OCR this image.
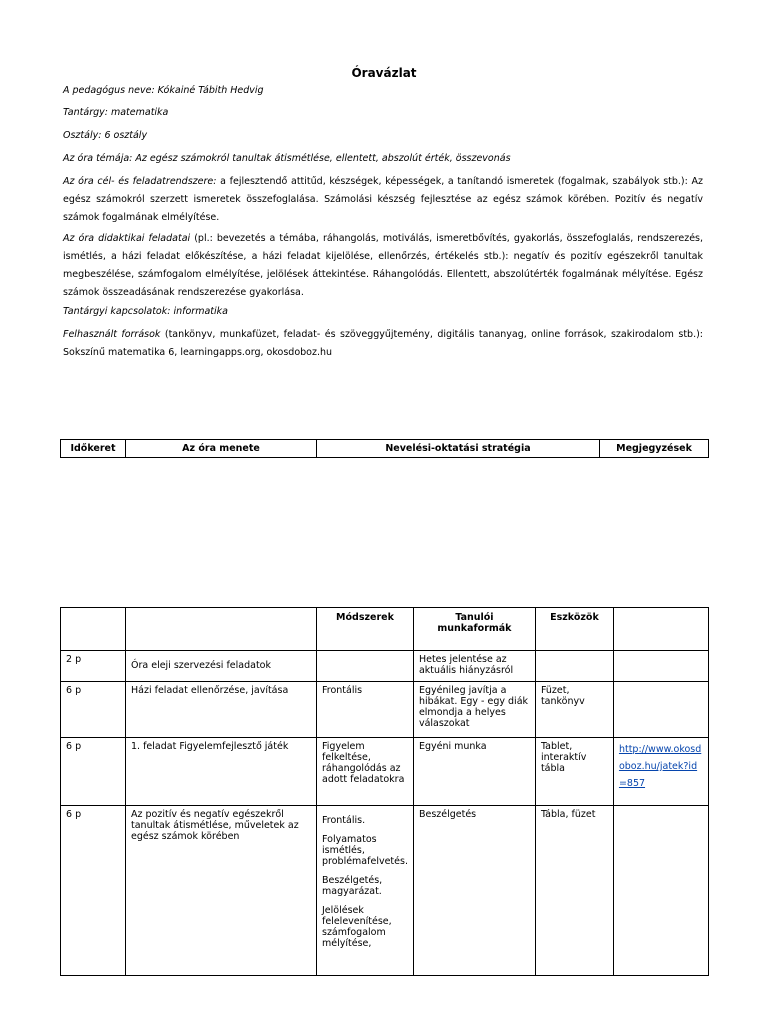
Óravázlat
A pedagógus neve: Kókainé Tábith Hedvig
Tantárgy: matematika
Osztály: 6 osztály
Az óra témája: Az egész számokról tanultak átismétlése, ellentett, abszolút érték, összevonás
Az óra cél- és feladatrendszere: a fejlesztendő attitűd, készségek, képességek, a tanítandó ismeretek (fogalmak, szabályok stb.): Az egész számokról szerzett ismeretek összefoglalása. Számolási készség fejlesztése az egész számok körében. Pozitív és negatív számok fogalmának elmélyítése.
Az óra didaktikai feladatai (pl.: bevezetés a témába, ráhangolás, motiválás, ismeretbővítés, gyakorlás, összefoglalás, rendszerezés, ismétlés, a házi feladat előkészítése, a házi feladat kijelölése, ellenőrzés, értékelés stb.): negatív és pozitív egészekről tanultak megbeszélése, számfogalom elmélyítése, jelölések áttekintése. Ráhangolódás. Ellentett, abszolútérték fogalmának mélyítése. Egész számok összeadásának rendszerezése gyakorlása.
Tantárgyi kapcsolatok: informatika
Felhasznált források (tankönyv, munkafüzet, feladat- és szöveggyűjtemény, digitális tananyag, online források, szakirodalom stb.): Sokszínű matematika 6, learningapps.org, okosdoboz.hu
Időkeret	Az óra menete	Nevelési-oktatási stratégia	Megjegyzések
		Módszerek	Tanulói munkaformák	Eszközök	
2 p	Óra eleji szervezési feladatok		Hetes jelentése az aktuális hiányzásról		
6 p	Házi feladat ellenőrzése, javítása	Frontális	Egyénileg javítja a hibákat. Egy - egy diák elmondja a helyes válaszokat	Füzet, tankönyv	
6 p	1. feladat Figyelemfejlesztő játék	Figyelem felkeltése, ráhangolódás az adott feladatokra	Egyéni munka	Tablet, interaktív tábla	http://www.okosdoboz.hu/jatek?id=857
6 p	Az pozitív és negatív egészekről tanultak átismétlése, műveletek az egész számok körében	Frontális.

Folyamatos ismétlés, problémafelvetés.

Beszélgetés, magyarázat.

Jelölések felelevenítése, számfogalom mélyítése,	Beszélgetés	Tábla, füzet	
